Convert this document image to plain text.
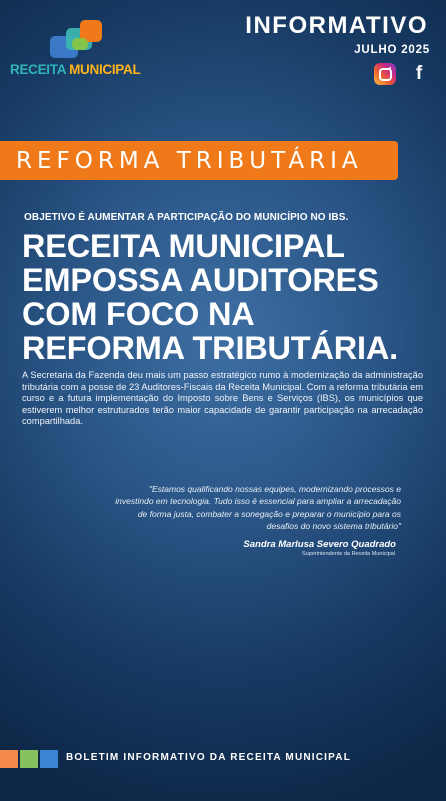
RECEITA MUNICIPAL
INFORMATIVO
JULHO 2025
f
REFORMA TRIBUTÁRIA
OBJETIVO É AUMENTAR A PARTICIPAÇÃO DO MUNICÍPIO NO IBS.
RECEITA MUNICIPAL
EMPOSSA AUDITORES
COM FOCO NA
REFORMA TRIBUTÁRIA.

A Secretaria da Fazenda deu mais um passo estratégico rumo à modernização da administração tributária com a posse de 23 Auditores-Fiscais da Receita Municipal. Com a reforma tributária em curso e a futura implementação do Imposto sobre Bens e Serviços (IBS), os municípios que estiverem melhor estruturados terão maior capacidade de garantir participação na arrecadação compartilhada.

"Estamos qualificando nossas equipes, modernizando processos e investindo em tecnologia. Tudo isso é essencial para ampliar a arrecadação de forma justa, combater a sonegação e preparar o município para os desafios do novo sistema tributário"

Sandra Marlusa Severo Quadrado
Superintendente da Receita Municipal
BOLETIM INFORMATIVO DA RECEITA MUNICIPAL
